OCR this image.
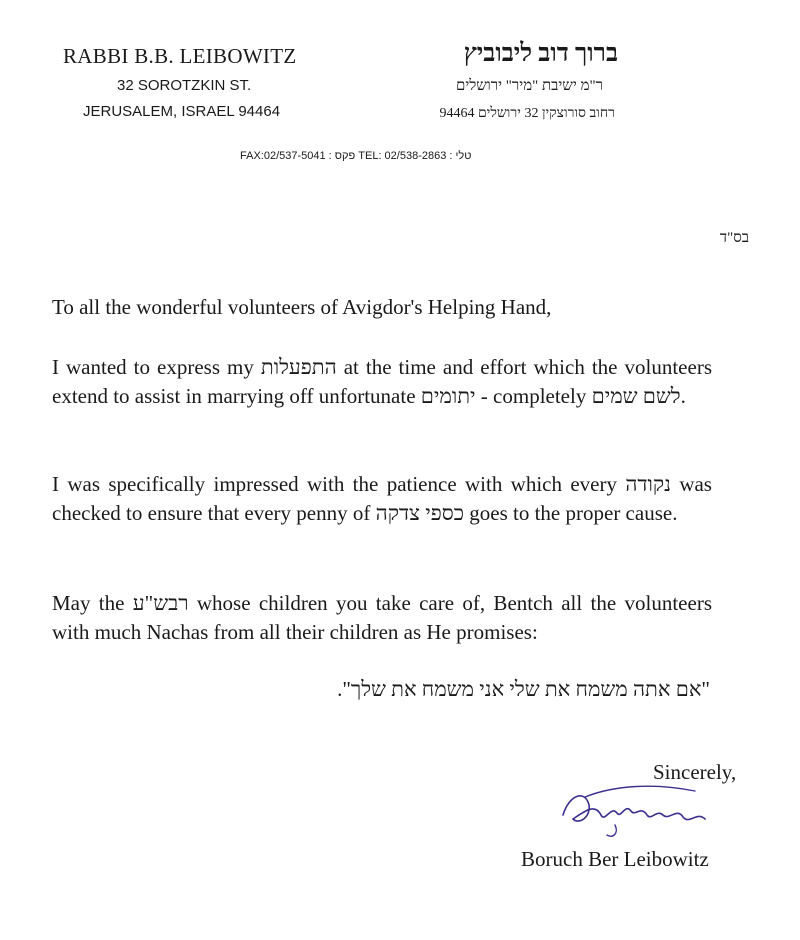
RABBI B.B. LEIBOWITZ
32 SOROTZKIN ST.
JERUSALEM, ISRAEL 94464
ברוך דוב ליבוביץ
ר"מ ישיבת "מיר" ירושלים
רחוב סורוצקין 32 ירושלים 94464
FAX:02/537-5041 : פקס TEL: 02/538-2863 : טלי
בס"ד
To all the wonderful volunteers of Avigdor's Helping Hand,
I wanted to express my התפעלות at the time and effort which the volunteers extend to assist in marrying off unfortunate יתומים - completely לשם שמים.
I was specifically impressed with the patience with which every נקודה was checked to ensure that every penny of כספי צדקה goes to the proper cause.
May the רבש"ע whose children you take care of, Bentch all the volunteers with much Nachas from all their children as He promises:
"אם אתה משמח את שלי אני משמח את שלך".
Sincerely,
Boruch Ber Leibowitz
